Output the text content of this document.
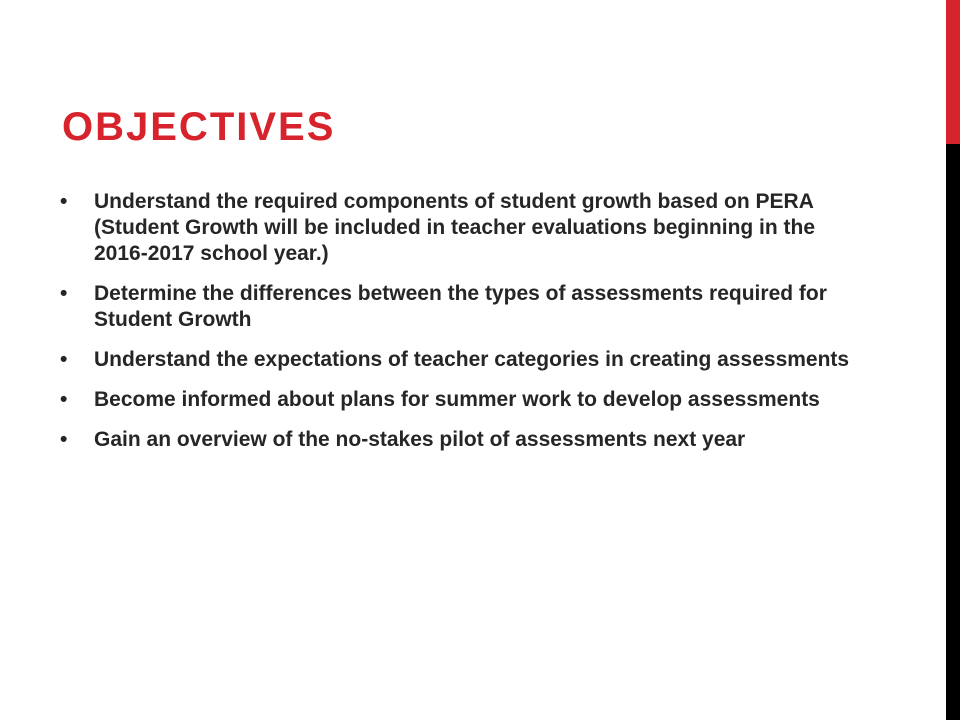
OBJECTIVES
•	Understand the required components of student growth based on PERA (Student Growth will be included in teacher evaluations beginning in the 2016-2017 school year.)
•	Determine the differences between the types of assessments required for Student Growth
•	Understand the expectations of teacher categories in creating assessments
•	Become informed about plans for summer work to develop assessments
•	Gain an overview of the no-stakes pilot of assessments next year
